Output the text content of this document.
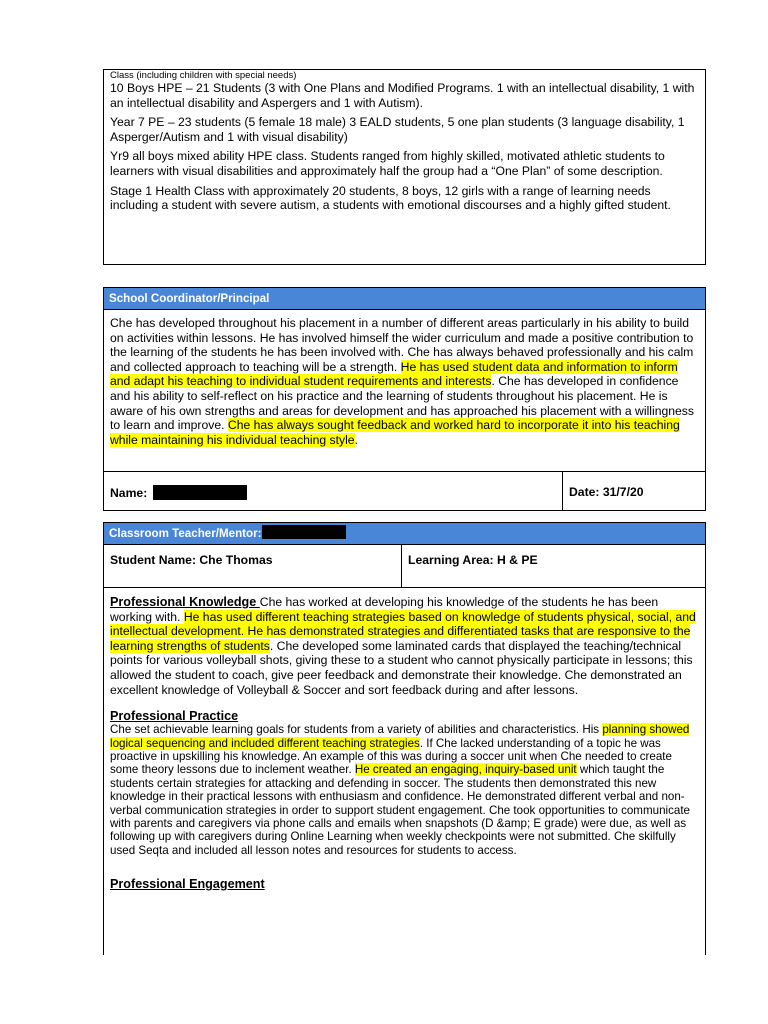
Class (including children with special needs)

10 Boys HPE – 21 Students (3 with One Plans and Modified Programs. 1 with an intellectual disability, 1 with an intellectual disability and Aspergers and 1 with Autism).

Year 7 PE – 23 students (5 female 18 male) 3 EALD students, 5 one plan students (3 language disability, 1 Asperger/Autism and 1 with visual disability)

Yr9 all boys mixed ability HPE class. Students ranged from highly skilled, motivated athletic students to learners with visual disabilities and approximately half the group had a “One Plan” of some description.

Stage 1 Health Class with approximately 20 students, 8 boys, 12 girls with a range of learning needs including a student with severe autism, a students with emotional discourses and a highly gifted student.

School Coordinator/Principal
Che has developed throughout his placement in a number of different areas particularly in his ability to build on activities within lessons. He has involved himself the wider curriculum and made a positive contribution to the learning of the students he has been involved with. Che has always behaved professionally and his calm and collected approach to teaching will be a strength. He has used student data and information to inform and adapt his teaching to individual student requirements and interests. Che has developed in confidence and his ability to self-reflect on his practice and the learning of students throughout his placement. He is aware of his own strengths and areas for development and has approached his placement with a willingness to learn and improve. Che has always sought feedback and worked hard to incorporate it into his teaching while maintaining his individual teaching style.
Name:	Date: 31/7/20
Classroom Teacher/Mentor:
Student Name: Che Thomas	Learning Area: H & PE

Professional Knowledge Che has worked at developing his knowledge of the students he has been working with. He has used different teaching strategies based on knowledge of students physical, social, and intellectual development. He has demonstrated strategies and differentiated tasks that are responsive to the learning strengths of students. Che developed some laminated cards that displayed the teaching/technical points for various volleyball shots, giving these to a student who cannot physically participate in lessons; this allowed the student to coach, give peer feedback and demonstrate their knowledge. Che demonstrated an excellent knowledge of Volleyball & Soccer and sort feedback during and after lessons.

Professional Practice

Che set achievable learning goals for students from a variety of abilities and characteristics. His planning showed logical sequencing and included different teaching strategies. If Che lacked understanding of a topic he was proactive in upskilling his knowledge. An example of this was during a soccer unit when Che needed to create some theory lessons due to inclement weather. He created an engaging, inquiry-based unit which taught the students certain strategies for attacking and defending in soccer. The students then demonstrated this new knowledge in their practical lessons with enthusiasm and confidence. He demonstrated different verbal and non-verbal communication strategies in order to support student engagement. Che took opportunities to communicate with parents and caregivers via phone calls and emails when snapshots (D &amp; E grade) were due, as well as following up with caregivers during Online Learning when weekly checkpoints were not submitted. Che skilfully used Seqta and included all lesson notes and resources for students to access.

Professional Engagement
